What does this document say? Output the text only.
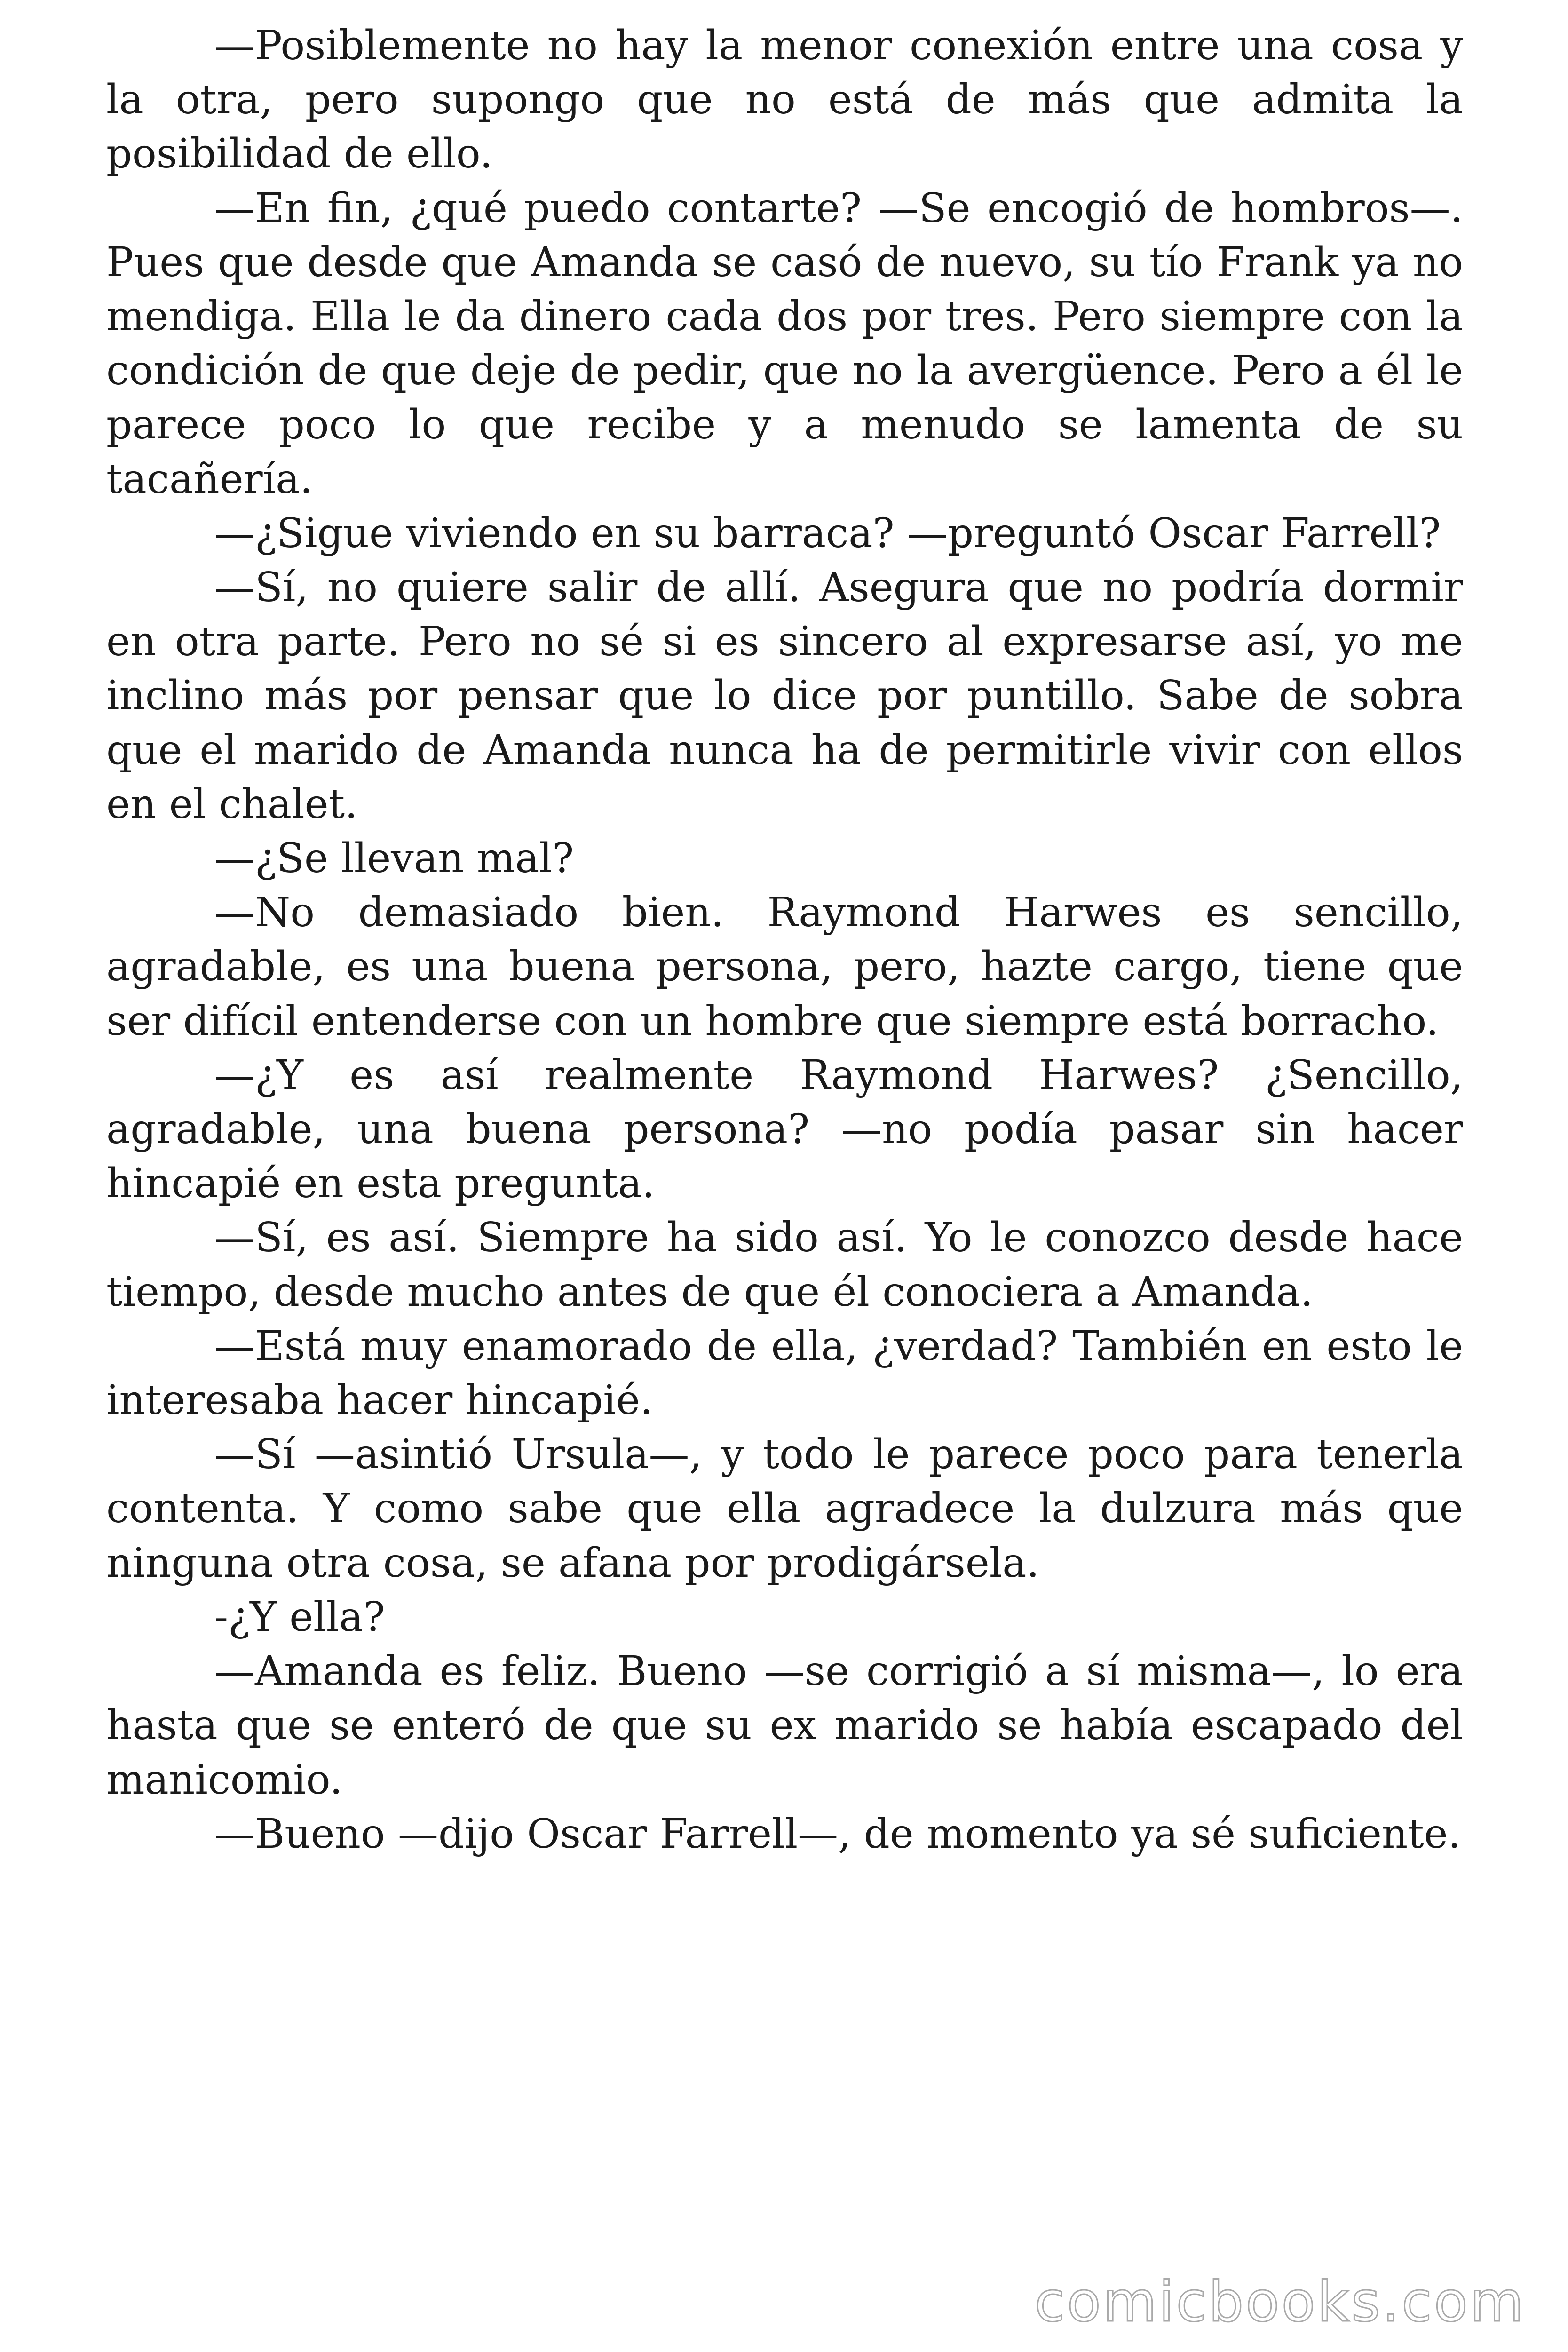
—Posiblemente no hay la menor conexión entre una cosa y la otra, pero supongo que no está de más que admita la posibilidad de ello.

—En fin, ¿qué puedo contarte? —Se encogió de hombros—. Pues que desde que Amanda se casó de nuevo, su tío Frank ya no mendiga. Ella le da dinero cada dos por tres. Pero siempre con la condición de que deje de pedir, que no la avergüence. Pero a él le parece poco lo que recibe y a menudo se lamenta de su tacañería.

—¿Sigue viviendo en su barraca? —preguntó Oscar Farrell?

—Sí, no quiere salir de allí. Asegura que no podría dormir en otra parte. Pero no sé si es sincero al expresarse así, yo me inclino más por pensar que lo dice por puntillo. Sabe de sobra que el marido de Amanda nunca ha de permitirle vivir con ellos en el chalet.

—¿Se llevan mal?

—No demasiado bien. Raymond Harwes es sencillo, agradable, es una buena persona, pero, hazte cargo, tiene que ser difícil entenderse con un hombre que siempre está borracho.

—¿Y es así realmente Raymond Harwes? ¿Sencillo, agradable, una buena persona? —no podía pasar sin hacer hincapié en esta pregunta.

—Sí, es así. Siempre ha sido así. Yo le conozco desde hace tiempo, desde mucho antes de que él conociera a Amanda.

—Está muy enamorado de ella, ¿verdad? También en esto le interesaba hacer hincapié.

—Sí —asintió Ursula—, y todo le parece poco para tenerla contenta. Y como sabe que ella agradece la dulzura más que ninguna otra cosa, se afana por prodigársela.

-¿Y ella?

—Amanda es feliz. Bueno —se corrigió a sí misma—, lo era hasta que se enteró de que su ex marido se había escapado del manicomio.

—Bueno —dijo Oscar Farrell—, de momento ya sé suficiente.

comicbooks.com
